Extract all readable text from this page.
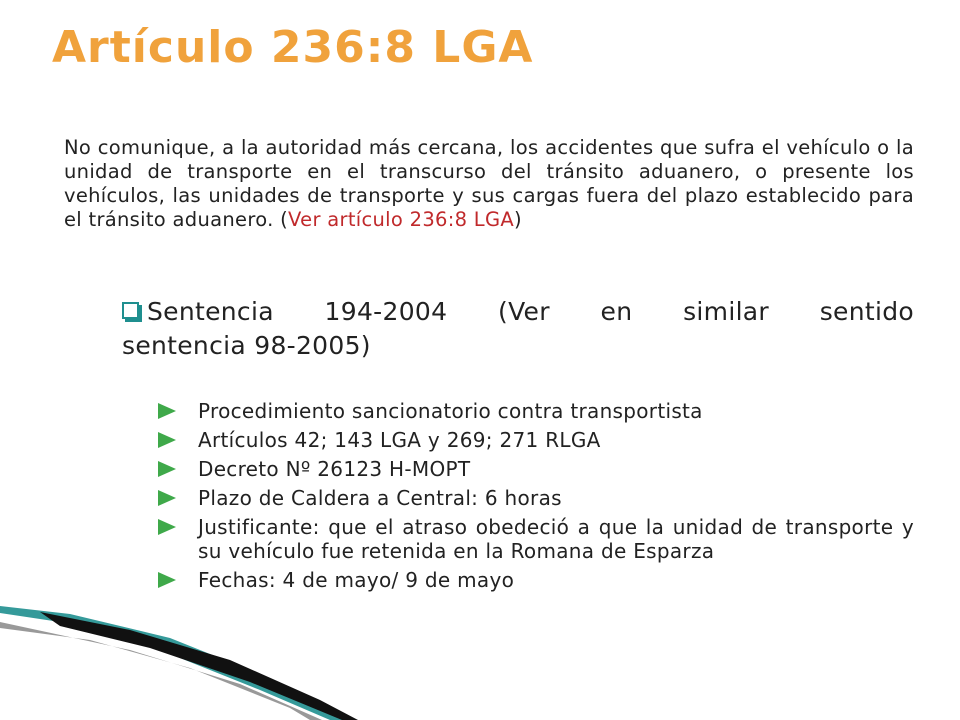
Artículo 236:8 LGA

No comunique, a la autoridad más cercana, los accidentes que sufra el vehículo o la unidad de transporte en el transcurso del tránsito aduanero, o presente los vehículos, las unidades de transporte y sus cargas fuera del plazo establecido para el tránsito aduanero. (Ver artículo 236:8 LGA)

Sentencia 194-2004 (Ver en similar sentido
sentencia 98-2005)
Procedimiento sancionatorio contra transportista
Artículos 42; 143 LGA y 269; 271 RLGA
Decreto Nº 26123 H-MOPT
Plazo de Caldera a Central: 6 horas
Justificante: que el atraso obedeció a que la unidad de transporte y su vehículo fue retenida en la Romana de Esparza
Fechas: 4 de mayo/ 9 de mayo
